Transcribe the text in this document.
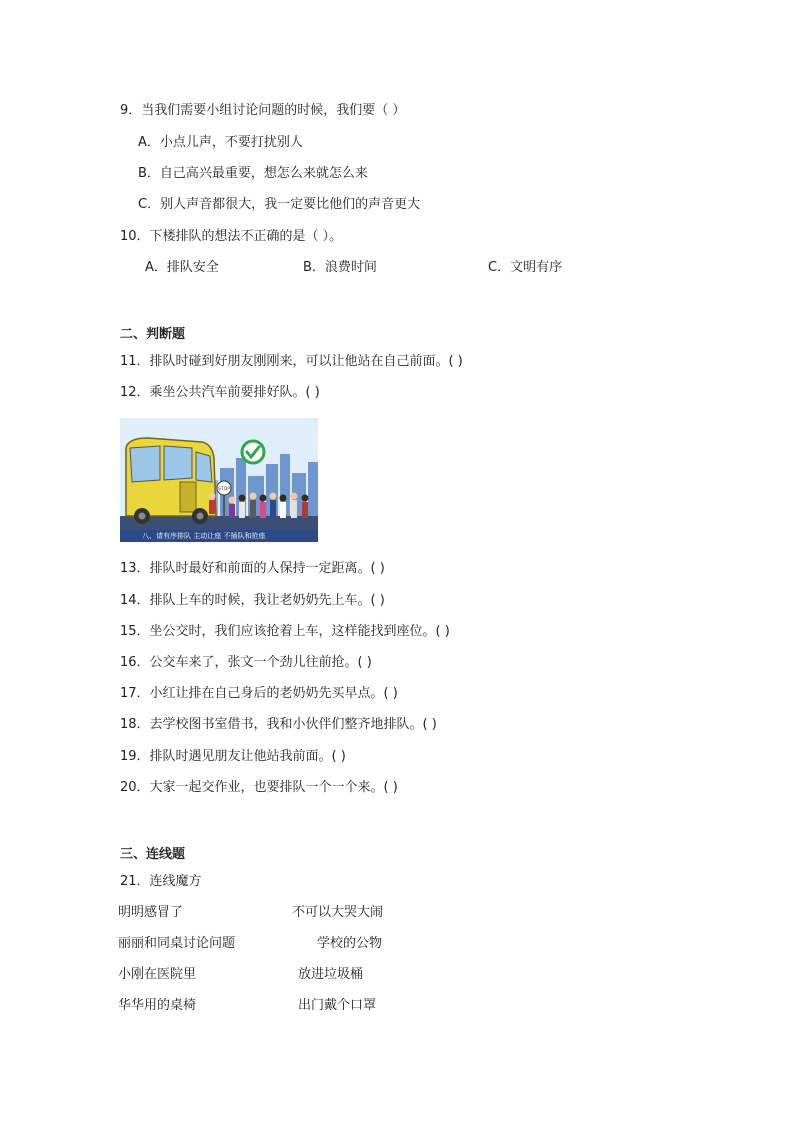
9．当我们需要小组讨论问题的时候，我们要（ ）
A．小点儿声，不要打扰别人
B．自己高兴最重要，想怎么来就怎么来
C．别人声音都很大，我一定要比他们的声音更大
10．下楼排队的想法不正确的是（ ）。
A．排队安全	B．浪费时间	C．文明有序
二、判断题
11．排队时碰到好朋友刚刚来，可以让他站在自己前面。( )
12．乘坐公共汽车前要排好队。( )
STOP
八、请有序排队 主动让座 不插队和抢座
13．排队时最好和前面的人保持一定距离。( )
14．排队上车的时候，我让老奶奶先上车。( )
15．坐公交时，我们应该抢着上车，这样能找到座位。( )
16．公交车来了，张文一个劲儿往前抢。( )
17．小红让排在自己身后的老奶奶先买早点。( )
18．去学校图书室借书，我和小伙伴们整齐地排队。( )
19．排队时遇见朋友让他站我前面。( )
20．大家一起交作业，也要排队一个一个来。( )
三、连线题
21．连线魔方
明明感冒了	不可以大哭大闹
丽丽和同桌讨论问题	学校的公物
小刚在医院里	放进垃圾桶
华华用的桌椅	出门戴个口罩
